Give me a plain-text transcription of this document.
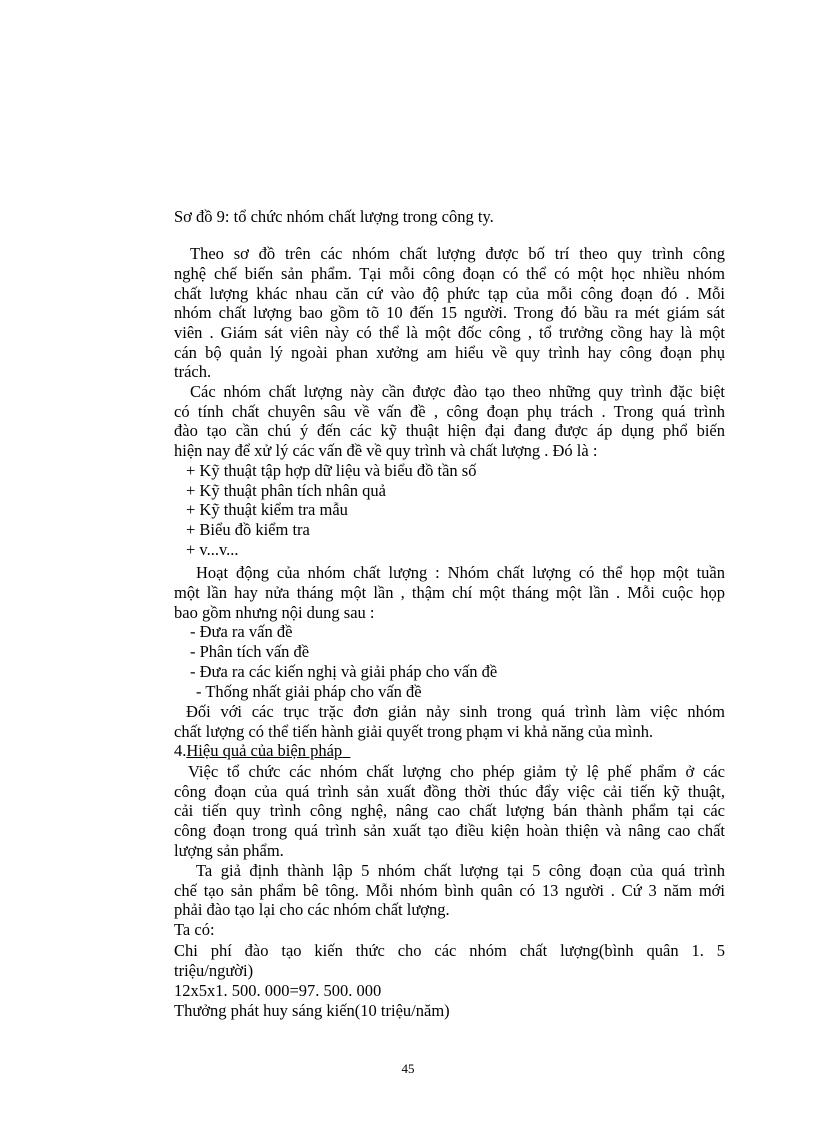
Sơ đồ 9: tổ chức nhóm chất lượng trong công ty.
Theo sơ đồ trên các nhóm chất lượng được bố trí theo quy trình công
nghệ chế biến sản phẩm. Tại mỗi công đoạn có thể có một học nhiều nhóm
chất lượng khác nhau căn cứ vào độ phức tạp của mỗi công đoạn đó . Mỗi
nhóm chất lượng bao gồm tõ 10 đến 15 người. Trong đó bầu ra mét giám sát
viên . Giám sát viên này có thể là một đốc công , tổ trưởng cồng hay là một
cán bộ quản lý ngoài phan xưởng am hiểu về quy trình hay công đoạn phụ
trách.
Các nhóm chất lượng này cần được đào tạo theo những quy trình đặc biệt
có tính chất chuyên sâu về vấn đề , công đoạn phụ trách . Trong quá trình
đào tạo cần chú ý đến các kỹ thuật hiện đại đang được áp dụng phổ biến
hiện nay để xử lý các vấn đề về quy trình và chất lượng . Đó là :
+ Kỹ thuật tập hợp dữ liệu và biểu đồ tần số
+ Kỹ thuật phân tích nhân quả
+ Kỹ thuật kiểm tra mẫu
+ Biểu đồ kiểm tra
+ v...v...
Hoạt động của nhóm chất lượng : Nhóm chất lượng có thể họp một tuần
một lần hay nửa tháng một lần , thậm chí một tháng một lần . Mỗi cuộc họp
bao gồm nhưng nội dung sau :
- Đưa ra vấn đề
- Phân tích vấn đề
- Đưa ra các kiến nghị và giải pháp cho vấn đề
- Thống nhất giải pháp cho vấn đề
Đối với các trục trặc đơn giản nảy sinh trong quá trình làm việc nhóm
chất lượng có thể tiến hành giải quyết trong phạm vi khả năng của mình.
4.Hiệu quả của biện pháp
Việc tổ chức các nhóm chất lượng cho phép giảm tỷ lệ phế phẩm ở các
công đoạn của quá trình sản xuất đồng thời thúc đẩy việc cải tiến kỹ thuật,
cải tiến quy trình công nghệ, nâng cao chất lượng bán thành phẩm tại các
công đoạn trong quá trình sản xuất tạo điều kiện hoàn thiện và nâng cao chất
lượng sản phẩm.
Ta giả định thành lập 5 nhóm chất lượng tại 5 công đoạn của quá trình
chế tạo sản phẩm bê tông. Mỗi nhóm bình quân có 13 người . Cứ 3 năm mới
phải đào tạo lại cho các nhóm chất lượng.
Ta có:
Chi phí đào tạo kiến thức cho các nhóm chất lượng(bình quân 1. 5
triệu/người)
12x5x1. 500. 000=97. 500. 000
Thưởng phát huy sáng kiến(10 triệu/năm)
45
